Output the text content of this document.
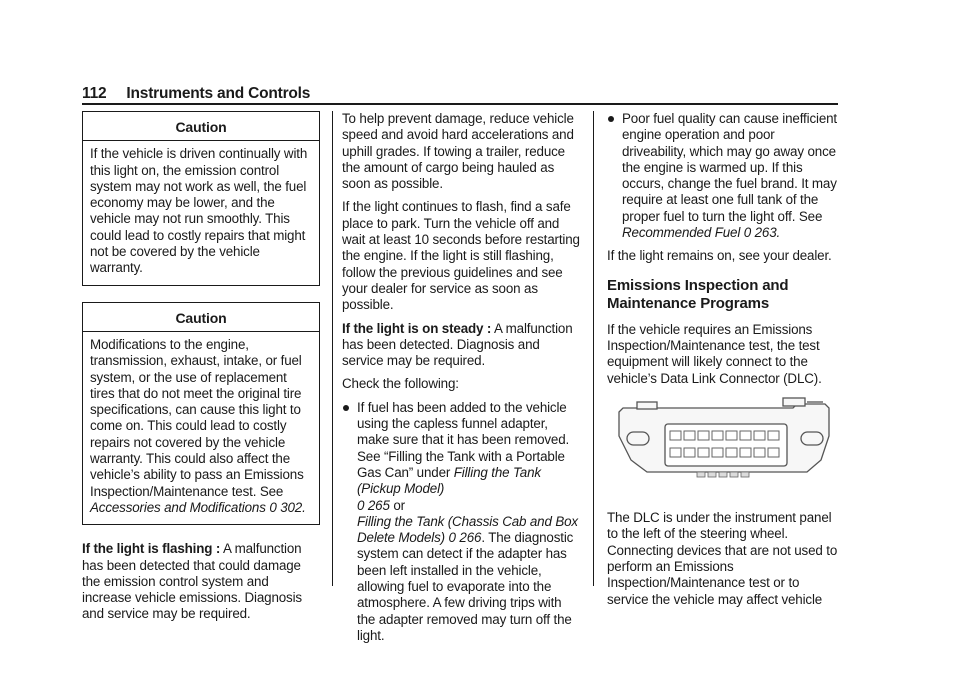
112 Instruments and Controls
Caution
If the vehicle is driven continually with this light on, the emission control system may not work as well, the fuel economy may be lower, and the vehicle may not run smoothly. This could lead to costly repairs that might not be covered by the vehicle warranty.
Caution
Modifications to the engine, transmission, exhaust, intake, or fuel system, or the use of replacement tires that do not meet the original tire specifications, can cause this light to come on. This could lead to costly repairs not covered by the vehicle warranty. This could also affect the vehicle’s ability to pass an Emissions Inspection/Maintenance test. See Accessories and Modifications 0 302.

If the light is flashing : A malfunction has been detected that could damage the emission control system and increase vehicle emissions. Diagnosis and service may be required.

To help prevent damage, reduce vehicle speed and avoid hard accelerations and uphill grades. If towing a trailer, reduce the amount of cargo being hauled as soon as possible.

If the light continues to flash, find a safe place to park. Turn the vehicle off and wait at least 10 seconds before restarting the engine. If the light is still flashing, follow the previous guidelines and see your dealer for service as soon as possible.

If the light is on steady : A malfunction has been detected. Diagnosis and service may be required.

Check the following:

If fuel has been added to the vehicle using the capless funnel adapter, make sure that it has been removed. See “Filling the Tank with a Portable Gas Can” under Filling the Tank (Pickup Model)
0 265 or
Filling the Tank (Chassis Cab and Box Delete Models) 0 266. The diagnostic system can detect if the adapter has been left installed in the vehicle, allowing fuel to evaporate into the atmosphere. A few driving trips with the adapter removed may turn off the light.
Poor fuel quality can cause inefficient engine operation and poor driveability, which may go away once the engine is warmed up. If this occurs, change the fuel brand. It may require at least one full tank of the proper fuel to turn the light off. See Recommended Fuel 0 263.

If the light remains on, see your dealer.

Emissions Inspection and Maintenance Programs

If the vehicle requires an Emissions Inspection/Maintenance test, the test equipment will likely connect to the vehicle’s Data Link Connector (DLC).

The DLC is under the instrument panel to the left of the steering wheel. Connecting devices that are not used to perform an Emissions Inspection/Maintenance test or to service the vehicle may affect vehicle
